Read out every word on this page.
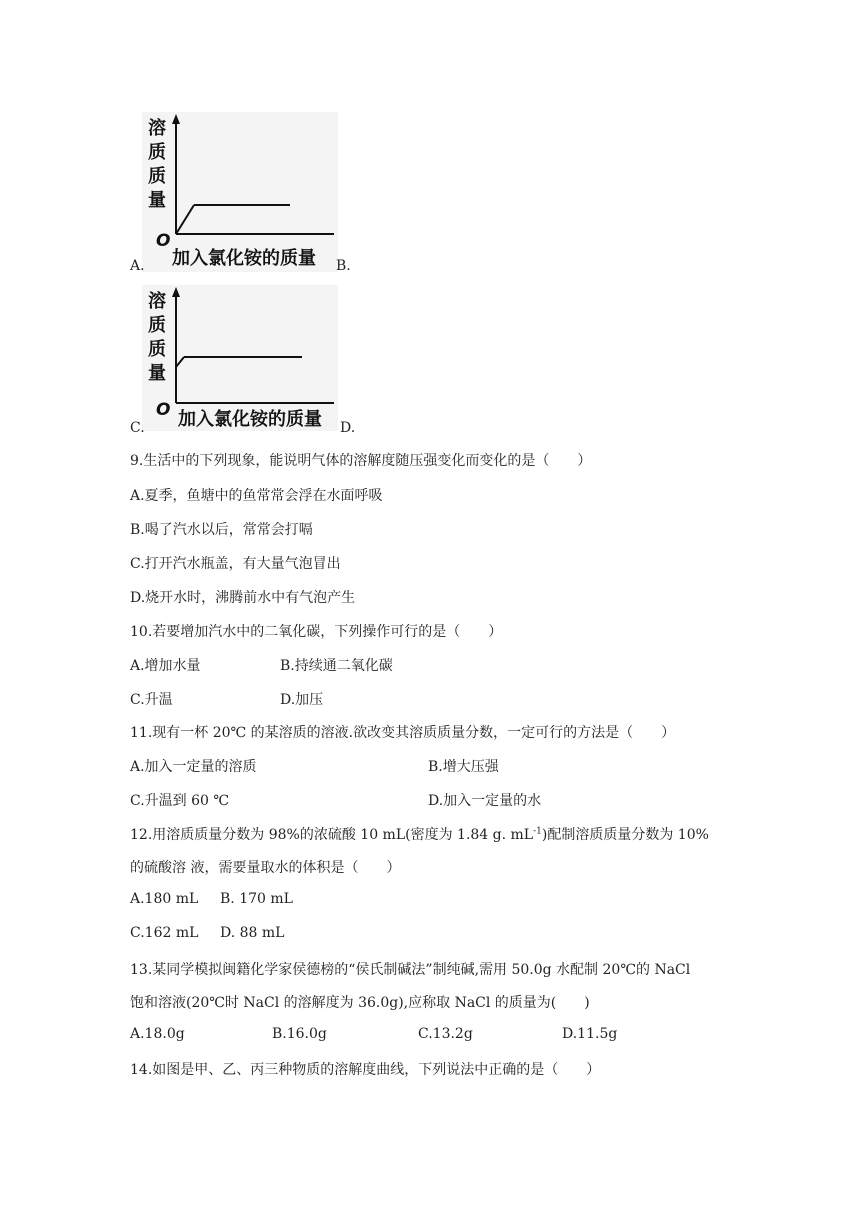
溶
质
质
量
O
加入氯化铵的质量
A.	B.
溶
质
质
量
O 加入氯化铵的质量
C.	D.
9.生活中的下列现象，能说明气体的溶解度随压强变化而变化的是（　　）
A.夏季，鱼塘中的鱼常常会浮在水面呼吸
B.喝了汽水以后，常常会打嗝
C.打开汽水瓶盖，有大量气泡冒出
D.烧开水时，沸腾前水中有气泡产生
10.若要增加汽水中的二氧化碳，下列操作可行的是（　　）
A.增加水量	B.持续通二氧化碳
C.升温	D.加压
11.现有一杯 20℃ 的某溶质的溶液.欲改变其溶质质量分数，一定可行的方法是（　　）
A.加入一定量的溶质	B.增大压强
C.升温到 60 ℃	D.加入一定量的水
12.用溶质质量分数为 98%的浓硫酸 10 mL(密度为 1.84 g. $mL^{-1}$)配制溶质质量分数为 10%
的硫酸溶 液，需要量取水的体积是（　　）
A.180 mL B. 170 mL
C.162 mL D. 88 mL
13.某同学模拟闽籍化学家侯德榜的“侯氏制碱法”制纯碱,需用 50.0g 水配制 20℃的 NaCl
饱和溶液(20℃时 NaCl 的溶解度为 36.0g),应称取 NaCl 的质量为(　　)
A.18.0g	B.16.0g	C.13.2g	D.11.5g
14.如图是甲、乙、丙三种物质的溶解度曲线，下列说法中正确的是（　　）
